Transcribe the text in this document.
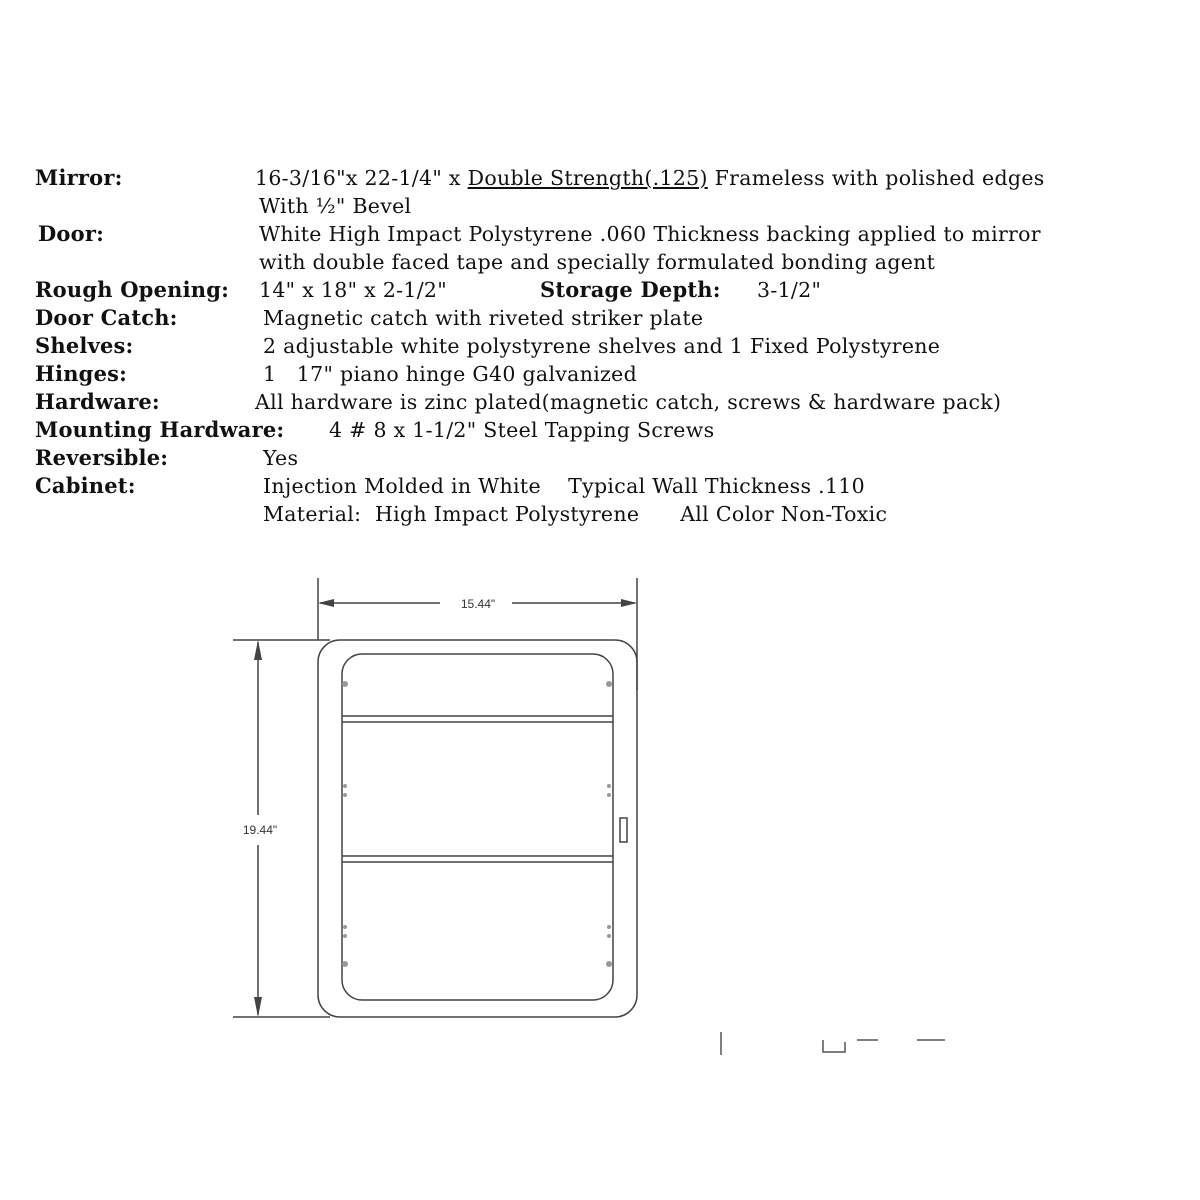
Mirror:	16-3/16"x 22-1/4" x Double Strength(.125) Frameless with polished edges
With ½" Bevel
Door:	White High Impact Polystyrene .060 Thickness backing applied to mirror
with double faced tape and specially formulated bonding agent
Rough Opening: 14" x 18" x 2-1/2"	Storage Depth: 3-1/2"
Door Catch:	Magnetic catch with riveted striker plate
Shelves:	2 adjustable white polystyrene shelves and 1 Fixed Polystyrene
Hinges:	1   17" piano hinge G40 galvanized
Hardware:	All hardware is zinc plated(magnetic catch, screws & hardware pack)
Mounting Hardware: 4 # 8 x 1-1/2" Steel Tapping Screws
Reversible:	Yes
Cabinet:	Injection Molded in White    Typical Wall Thickness .110
Material:  High Impact Polystyrene      All Color Non-Toxic
15.44"
19.44"
